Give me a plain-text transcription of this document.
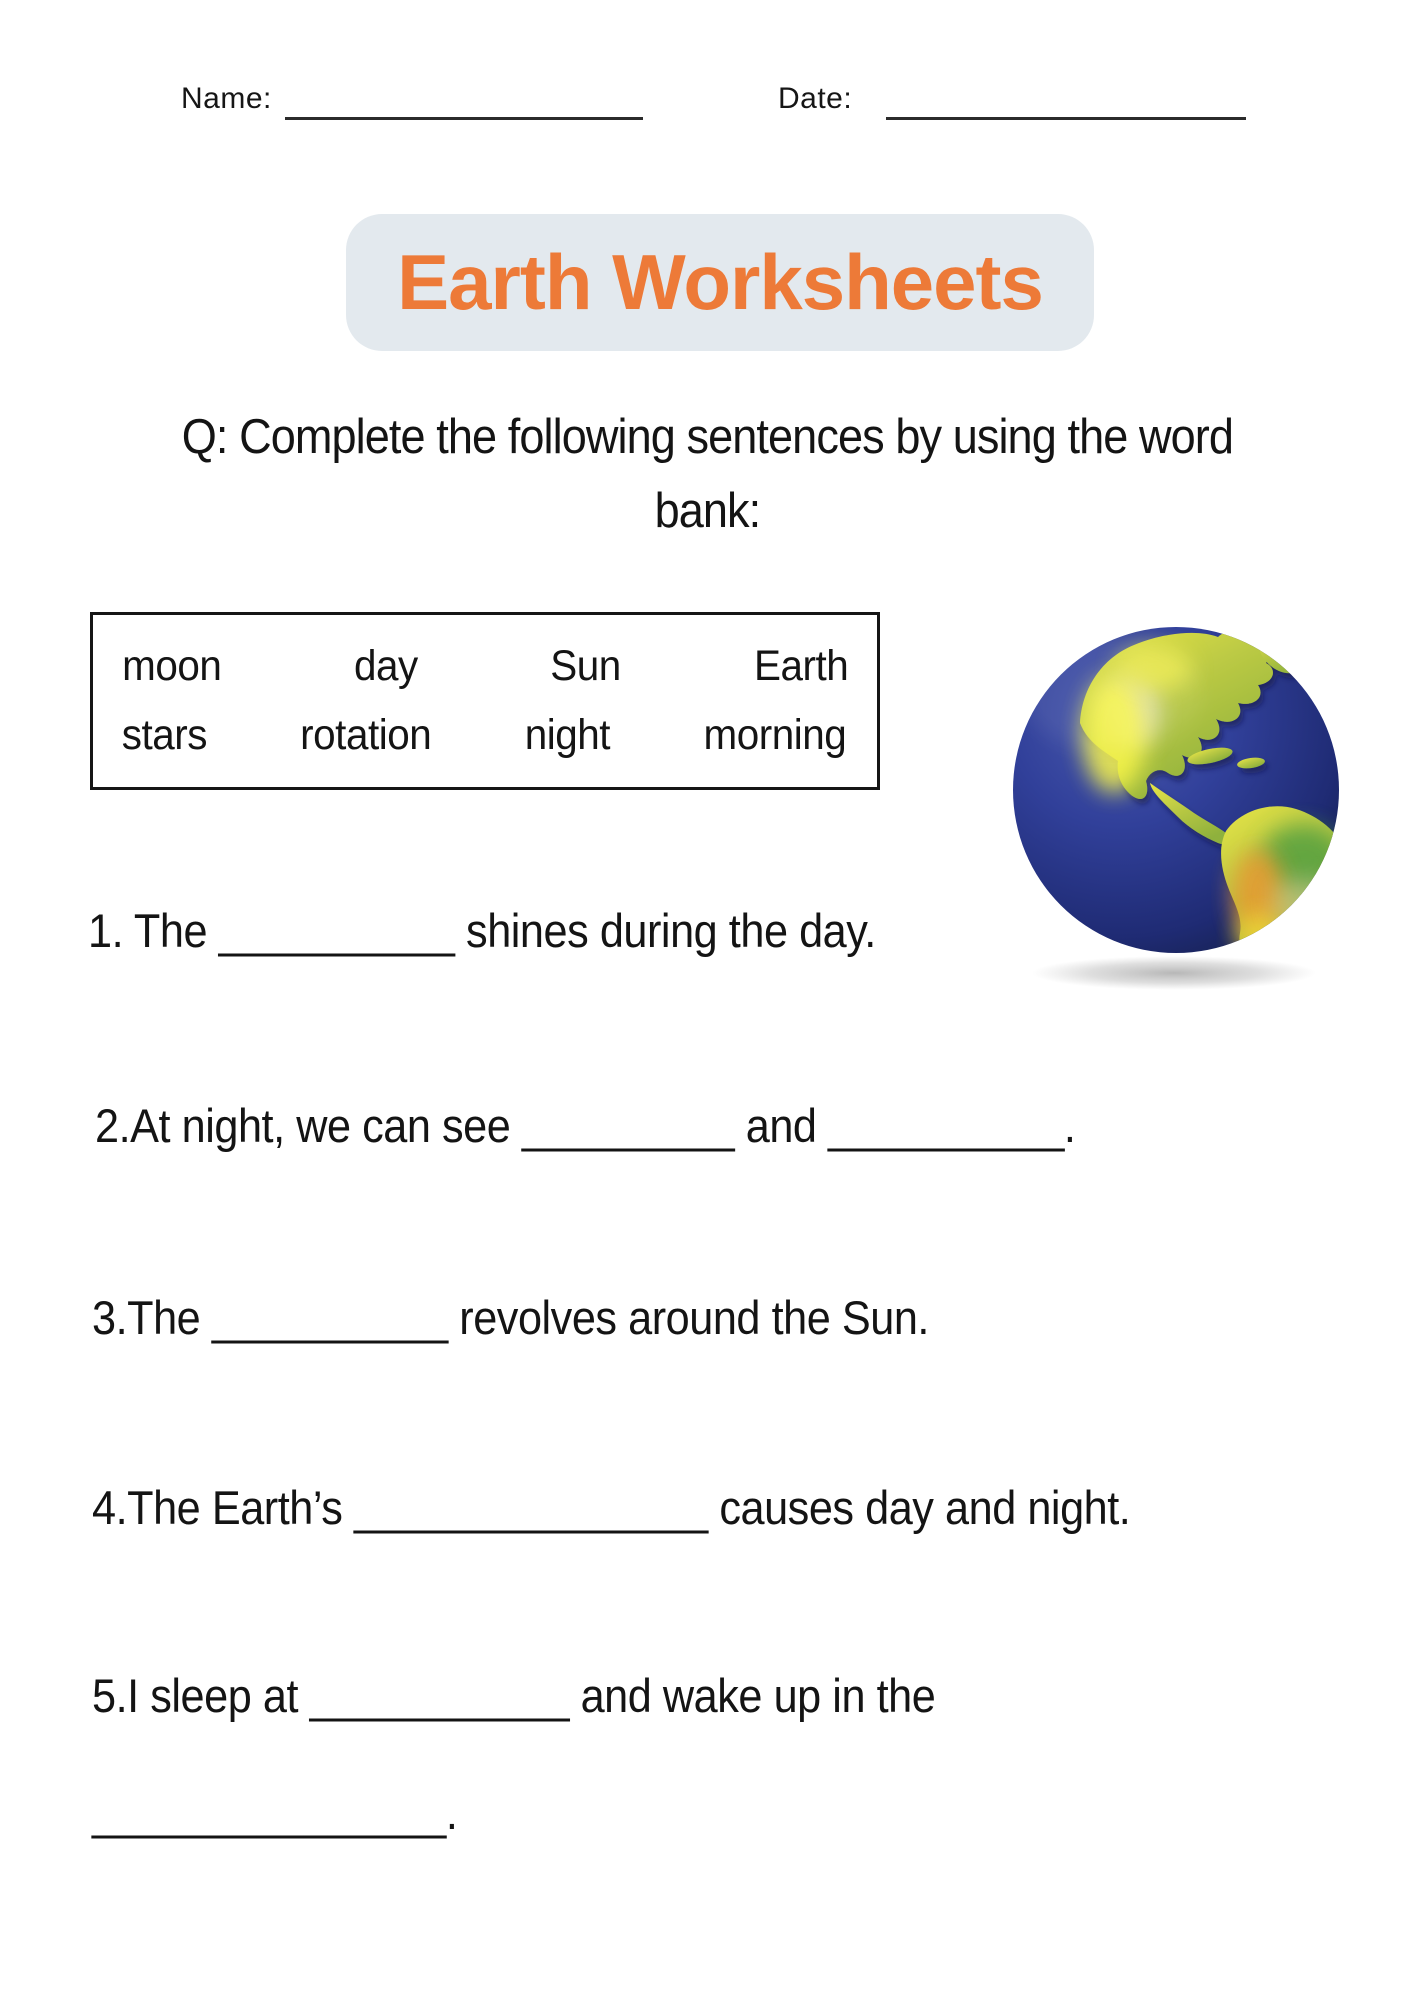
Name:	Date:
Earth Worksheets
Q: Complete the following sentences by using the word
bank:
moon	day	Sun	Earth
stars rotation night morning
1. The __________ shines during the day.
2.At night, we can see _________ and __________.
3.The __________ revolves around the Sun.
4.The Earth’s _______________ causes day and night.
5.I sleep at ___________ and wake up in the
_______________.
